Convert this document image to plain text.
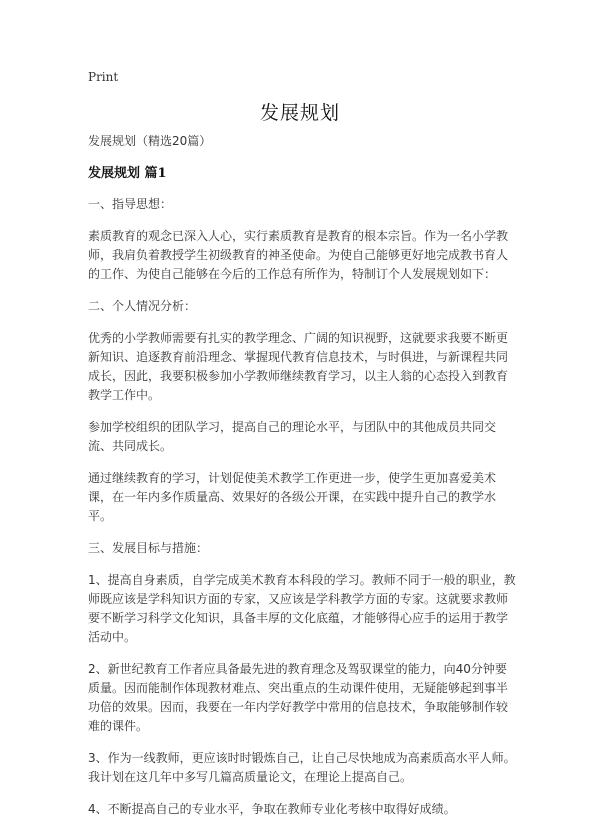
Print
发展规划

发展规划（精选20篇）

发展规划 篇1

一、指导思想：

素质教育的观念已深入人心，实行素质教育是教育的根本宗旨。作为一名小学教师，我肩负着教授学生初级教育的神圣使命。为使自己能够更好地完成教书育人的工作、为使自己能够在今后的工作总有所作为，特制订个人发展规划如下：

二、个人情况分析：

优秀的小学教师需要有扎实的教学理念、广阔的知识视野，这就要求我要不断更新知识、追逐教育前沿理念、掌握现代教育信息技术，与时俱进，与新课程共同成长，因此，我要积极参加小学教师继续教育学习，以主人翁的心态投入到教育教学工作中。

参加学校组织的团队学习，提高自己的理论水平，与团队中的其他成员共同交流、共同成长。

通过继续教育的学习，计划促使美术教学工作更进一步，使学生更加喜爱美术课，在一年内多作质量高、效果好的各级公开课，在实践中提升自己的教学水平。

三、发展目标与措施：

1、提高自身素质，自学完成美术教育本科段的学习。教师不同于一般的职业，教师既应该是学科知识方面的专家，又应该是学科教学方面的专家。这就要求教师要不断学习科学文化知识，具备丰厚的文化底蕴，才能够得心应手的运用于教学活动中。

2、新世纪教育工作者应具备最先进的教育理念及驾驭课堂的能力，向40分钟要质量。因而能制作体现教材难点、突出重点的生动课件使用，无疑能够起到事半功倍的效果。因而，我要在一年内学好教学中常用的信息技术，争取能够制作较难的课件。

3、作为一线教师，更应该时时锻炼自己，让自己尽快地成为高素质高水平人师。我计划在这几年中多写几篇高质量论文，在理论上提高自己。

4、不断提高自己的专业水平，争取在教师专业化考核中取得好成绩。
